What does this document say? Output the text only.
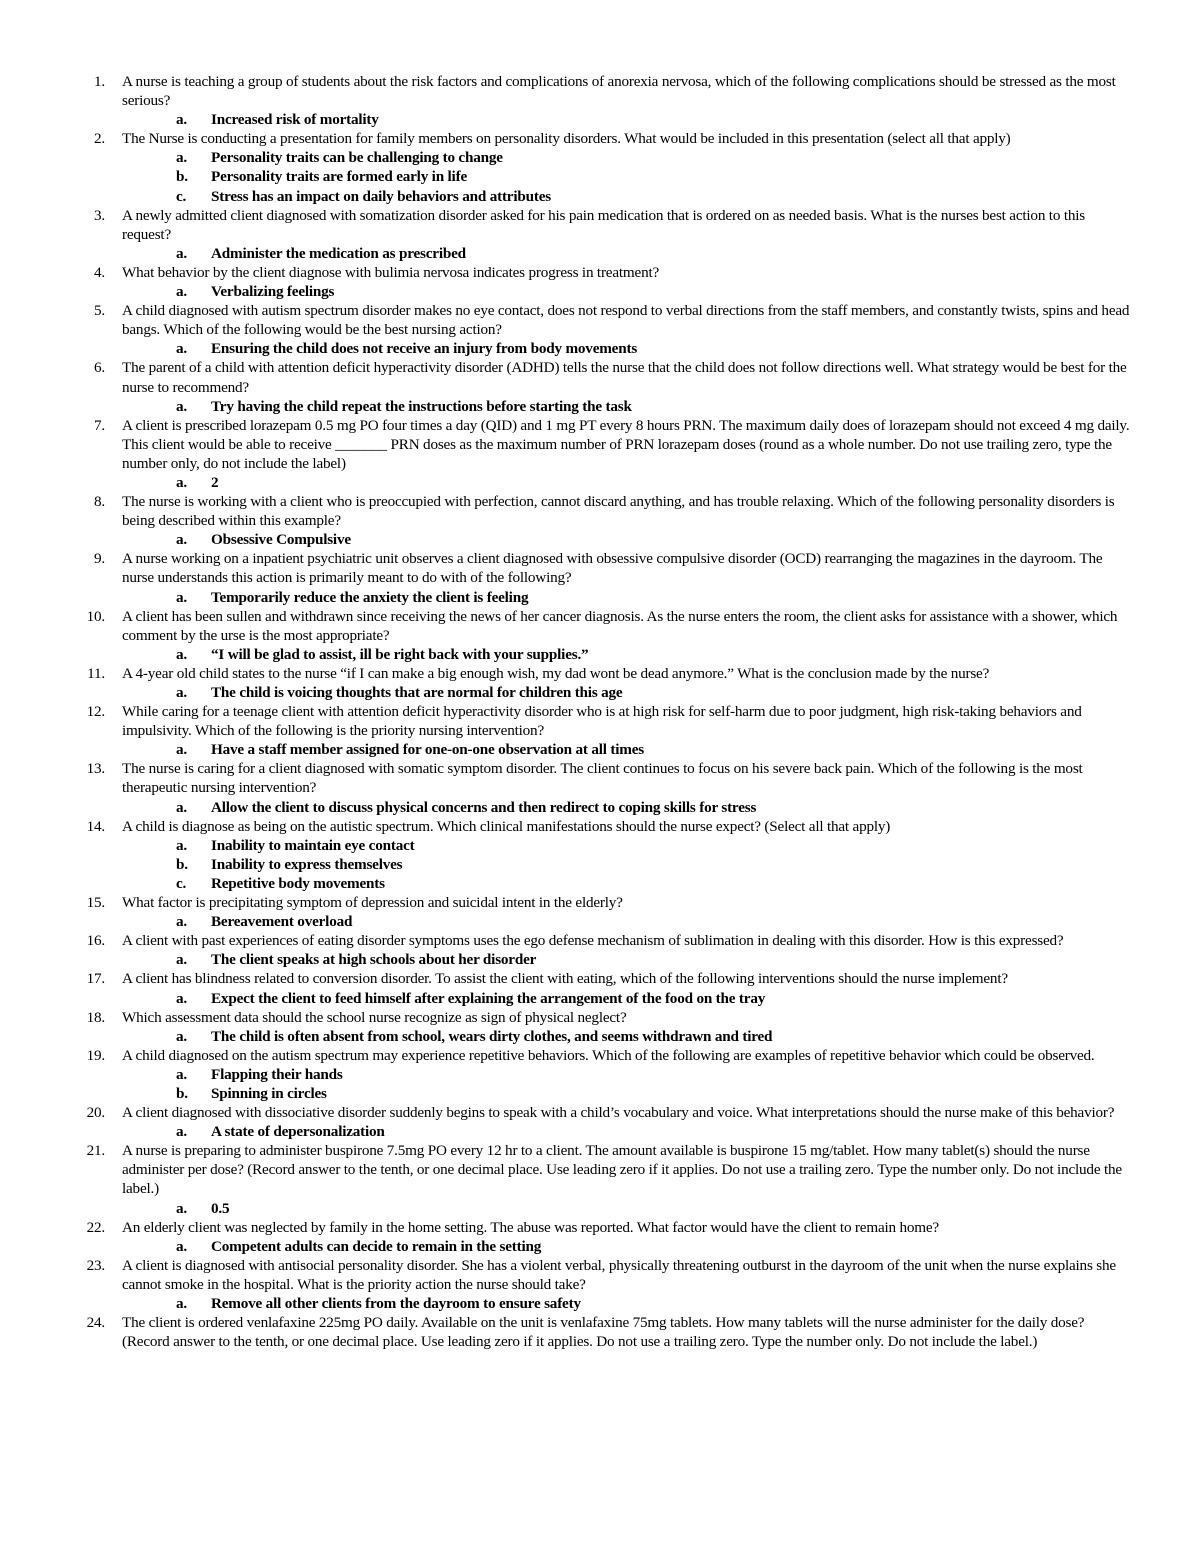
1.	A nurse is teaching a group of students about the risk factors and complications of anorexia nervosa, which of the following complications should be stressed as the most serious?
a.	Increased risk of mortality
2.	The Nurse is conducting a presentation for family members on personality disorders. What would be included in this presentation (select all that apply)
a.	Personality traits can be challenging to change
b.	Personality traits are formed early in life
c.	Stress has an impact on daily behaviors and attributes
3.	A newly admitted client diagnosed with somatization disorder asked for his pain medication that is ordered on as needed basis. What is the nurses best action to this request?
a.	Administer the medication as prescribed
4.	What behavior by the client diagnose with bulimia nervosa indicates progress in treatment?
a.	Verbalizing feelings
5.	A child diagnosed with autism spectrum disorder makes no eye contact, does not respond to verbal directions from the staff members, and constantly twists, spins and head bangs. Which of the following would be the best nursing action?
a.	Ensuring the child does not receive an injury from body movements
6.	The parent of a child with attention deficit hyperactivity disorder (ADHD) tells the nurse that the child does not follow directions well. What strategy would be best for the nurse to recommend?
a.	Try having the child repeat the instructions before starting the task
7.	A client is prescribed lorazepam 0.5 mg PO four times a day (QID) and 1 mg PT every 8 hours PRN. The maximum daily does of lorazepam should not exceed 4 mg daily. This client would be able to receive _______ PRN doses as the maximum number of PRN lorazepam doses (round as a whole number. Do not use trailing zero, type the number only, do not include the label)
a.	2
8.	The nurse is working with a client who is preoccupied with perfection, cannot discard anything, and has trouble relaxing. Which of the following personality disorders is being described within this example?
a.	Obsessive Compulsive
9.	A nurse working on a inpatient psychiatric unit observes a client diagnosed with obsessive compulsive disorder (OCD) rearranging the magazines in the dayroom. The nurse understands this action is primarily meant to do with of the following?
a.	Temporarily reduce the anxiety the client is feeling
10.	A client has been sullen and withdrawn since receiving the news of her cancer diagnosis. As the nurse enters the room, the client asks for assistance with a shower, which comment by the urse is the most appropriate?
a.	“I will be glad to assist, ill be right back with your supplies.”
11.	A 4-year old child states to the nurse “if I can make a big enough wish, my dad wont be dead anymore.” What is the conclusion made by the nurse?
a.	The child is voicing thoughts that are normal for children this age
12.	While caring for a teenage client with attention deficit hyperactivity disorder who is at high risk for self-harm due to poor judgment, high risk-taking behaviors and impulsivity. Which of the following is the priority nursing intervention?
a.	Have a staff member assigned for one-on-one observation at all times
13.	The nurse is caring for a client diagnosed with somatic symptom disorder. The client continues to focus on his severe back pain. Which of the following is the most therapeutic nursing intervention?
a.	Allow the client to discuss physical concerns and then redirect to coping skills for stress
14.	A child is diagnose as being on the autistic spectrum. Which clinical manifestations should the nurse expect? (Select all that apply)
a.	Inability to maintain eye contact
b.	Inability to express themselves
c.	Repetitive body movements
15.	What factor is precipitating symptom of depression and suicidal intent in the elderly?
a.	Bereavement overload
16.	A client with past experiences of eating disorder symptoms uses the ego defense mechanism of sublimation in dealing with this disorder. How is this expressed?
a.	The client speaks at high schools about her disorder
17.	A client has blindness related to conversion disorder. To assist the client with eating, which of the following interventions should the nurse implement?
a.	Expect the client to feed himself after explaining the arrangement of the food on the tray
18.	Which assessment data should the school nurse recognize as sign of physical neglect?
a.	The child is often absent from school, wears dirty clothes, and seems withdrawn and tired
19.	A child diagnosed on the autism spectrum may experience repetitive behaviors. Which of the following are examples of repetitive behavior which could be observed.
a.	Flapping their hands
b.	Spinning in circles
20.	A client diagnosed with dissociative disorder suddenly begins to speak with a child’s vocabulary and voice. What interpretations should the nurse make of this behavior?
a.	A state of depersonalization
21.	A nurse is preparing to administer buspirone 7.5mg PO every 12 hr to a client. The amount available is buspirone 15 mg/tablet. How many tablet(s) should the nurse administer per dose? (Record answer to the tenth, or one decimal place. Use leading zero if it applies. Do not use a trailing zero. Type the number only. Do not include the label.)
a.	0.5
22.	An elderly client was neglected by family in the home setting. The abuse was reported. What factor would have the client to remain home?
a.	Competent adults can decide to remain in the setting
23.	A client is diagnosed with antisocial personality disorder. She has a violent verbal, physically threatening outburst in the dayroom of the unit when the nurse explains she cannot smoke in the hospital. What is the priority action the nurse should take?
a.	Remove all other clients from the dayroom to ensure safety
24.	The client is ordered venlafaxine 225mg PO daily. Available on the unit is venlafaxine 75mg tablets. How many tablets will the nurse administer for the daily dose? (Record answer to the tenth, or one decimal place. Use leading zero if it applies. Do not use a trailing zero. Type the number only. Do not include the label.)
